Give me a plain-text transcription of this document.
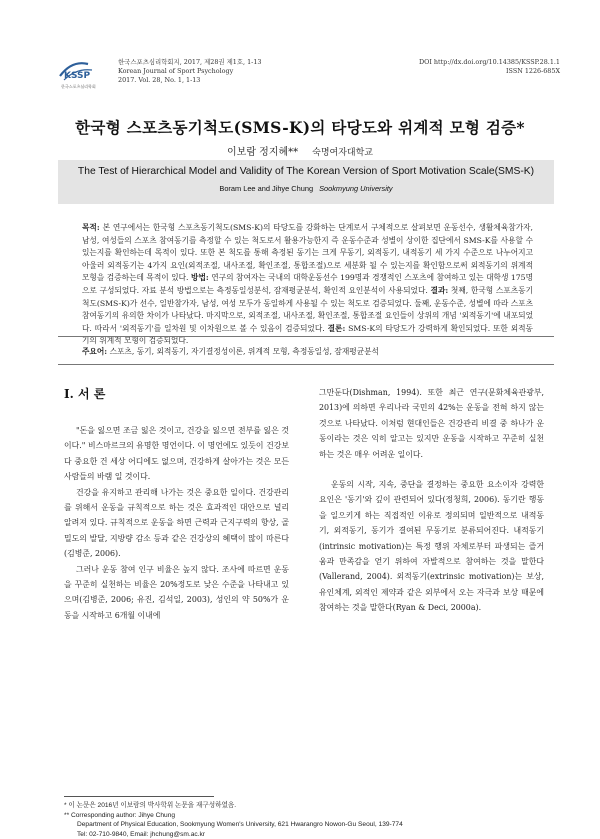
KSSP
한국스포츠심리학회
한국스포츠심리학회지, 2017, 제28권 제1호, 1-13
Korean Journal of Sport Psychology
2017. Vol. 28, No. 1, 1-13
DOI http://dx.doi.org/10.14385/KSSP.28.1.1
ISSN 1226-685X
한국형 스포츠동기척도(SMS-K)의 타당도와 위계적 모형 검증*
이보람 정지혜** 숙명여자대학교
The Test of Hierarchical Model and Validity of The Korean Version of Sport Motivation Scale(SMS-K)
Boram Lee and Jihye Chung Sookmyung University
목적: 본 연구에서는 한국형 스포츠동기척도(SMS-K)의 타당도를 강화하는 단계로서 구체적으로 살펴보면 운동선수, 생활체육참가자, 남성, 여성들의 스포츠 참여동기를 측정할 수 있는 척도로서 활용가능한지 즉 운동수준과 성별이 상이한 집단에서 SMS-K를 사용할 수 있는지를 확인하는데 목적이 있다. 또한 본 척도를 통해 측정된 동기는 크게 무동기, 외적동기, 내적동기 세 가지 수준으로 나누어지고 아울러 외적동기는 4가지 요인(외적조절, 내사조절, 확인조절, 통합조절)으로 세분화 될 수 있는지를 확인함으로써 외적동기의 위계적 모형을 검증하는데 목적이 있다. 방법: 연구의 참여자는 국내의 대학운동선수 199명과 경쟁적인 스포츠에 참여하고 있는 대학생 175명으로 구성되었다. 자료 분석 방법으로는 측정동일성분석, 잠재평균분석, 확인적 요인분석이 사용되었다. 결과: 첫째, 한국형 스포츠동기척도(SMS-K)가 선수, 일반참가자, 남성, 여성 모두가 동일하게 사용될 수 있는 척도로 검증되었다. 둘째, 운동수준, 성별에 따라 스포츠 참여동기의 유의한 차이가 나타났다. 마지막으로, 외적조절, 내사조절, 확인조절, 통합조절 요인들이 상위의 개념 '외적동기'에 내포되었다. 따라서 '외적동기'를 일차원 및 이차원으로 볼 수 있음이 검증되었다. 결론: SMS-K의 타당도가 강력하게 확인되었다. 또한 외적동기의 위계적 모형이 검증되었다.
주요어: 스포츠, 동기, 외적동기, 자기결정성이론, 위계적 모형, 측정동일성, 잠재평균분석
I. 서 론

"돈을 잃으면 조금 잃은 것이고, 건강을 잃으면 전부를 잃은 것이다." 비스마르크의 유명한 명언이다. 이 명언에도 있듯이 건강보다 중요한 건 세상 어디에도 없으며, 건강하게 살아가는 것은 모든 사람들의 바램 일 것이다.

건강을 유지하고 관리해 나가는 것은 중요한 일이다. 건강관리를 위해서 운동을 규칙적으로 하는 것은 효과적인 대안으로 널리 알려져 있다. 규칙적으로 운동을 하면 근력과 근지구력의 향상, 골밀도의 발달, 지방량 감소 등과 같은 건강상의 혜택이 많이 따른다(김병준, 2006).

그러나 운동 참여 인구 비율은 높지 않다. 조사에 따르면 운동을 꾸준히 실천하는 비율은 20%정도로 낮은 수준을 나타내고 있으며(김병준, 2006; 유진, 김석일, 2003), 성인의 약 50%가 운동을 시작하고 6개월 이내에

그만둔다(Dishman, 1994). 또한 최근 연구(문화체육관광부, 2013)에 의하면 우리나라 국민의 42%는 운동을 전혀 하지 않는 것으로 나타났다. 이처럼 현대인들은 건강관리 비결 중 하나가 운동이라는 것은 익히 알고는 있지만 운동을 시작하고 꾸준히 실천하는 것은 매우 어려운 일이다.

운동의 시작, 지속, 중단을 결정하는 중요한 요소이자 강력한 요인은 '동기'와 깊이 관련되어 있다(정청희, 2006). 동기란 행동을 일으키게 하는 직접적인 이유로 정의되며 일반적으로 내적동기, 외적동기, 동기가 결여된 무동기로 분류되어진다. 내적동기(intrinsic motivation)는 특정 행위 자체로부터 파생되는 즐거움과 만족감을 얻기 위하여 자발적으로 참여하는 것을 말한다(Vallerand, 2004). 외적동기(extrinsic motivation)는 보상, 유인체계, 외적인 제약과 같은 외부에서 오는 자극과 보상 때문에 참여하는 것을 말한다(Ryan & Deci, 2000a).

* 이 논문은 2016년 이보람의 박사학위 논문을 재구성하였음.
** Corresponding author: Jihye Chung
Department of Physical Education, Sookmyung Women's University, 621 Hwarangro Nowon-Gu Seoul, 139-774
Tel: 02-710-9840, Email: jhchung@sm.ac.kr
